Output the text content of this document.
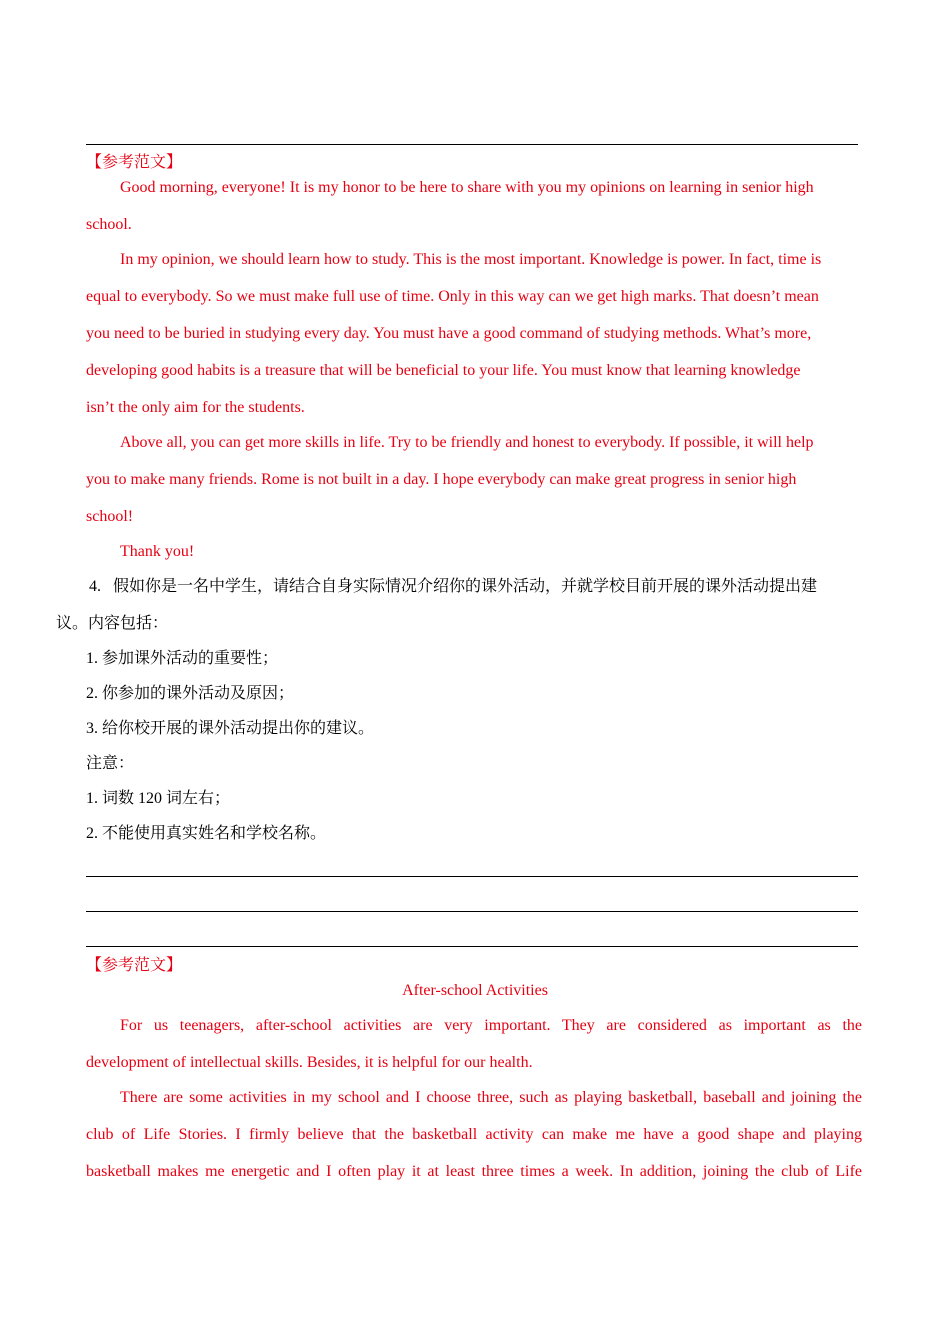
【参考范文】
Good morning, everyone! It is my honor to be here to share with you my opinions on learning in senior high
school.
In my opinion, we should learn how to study. This is the most important. Knowledge is power. In fact, time is
equal to everybody. So we must make full use of time. Only in this way can we get high marks. That doesn’t mean
you need to be buried in studying every day. You must have a good command of studying methods. What’s more,
developing good habits is a treasure that will be beneficial to your life. You must know that learning knowledge
isn’t the only aim for the students.
Above all, you can get more skills in life. Try to be friendly and honest to everybody. If possible, it will help
you to make many friends. Rome is not built in a day. I hope everybody can make great progress in senior high
school!
Thank you!
4. 假如你是一名中学生，请结合自身实际情况介绍你的课外活动，并就学校目前开展的课外活动提出建
议。内容包括：
1. 参加课外活动的重要性；
2. 你参加的课外活动及原因；
3. 给你校开展的课外活动提出你的建议。
注意：
1. 词数 120 词左右；
2. 不能使用真实姓名和学校名称。
【参考范文】
After-school Activities
For us teenagers, after-school activities are very important. They are considered as important as the
development of intellectual skills. Besides, it is helpful for our health.
There are some activities in my school and I choose three, such as playing basketball, baseball and joining the
club of Life Stories. I firmly believe that the basketball activity can make me have a good shape and playing
basketball makes me energetic and I often play it at least three times a week. In addition, joining the club of Life
